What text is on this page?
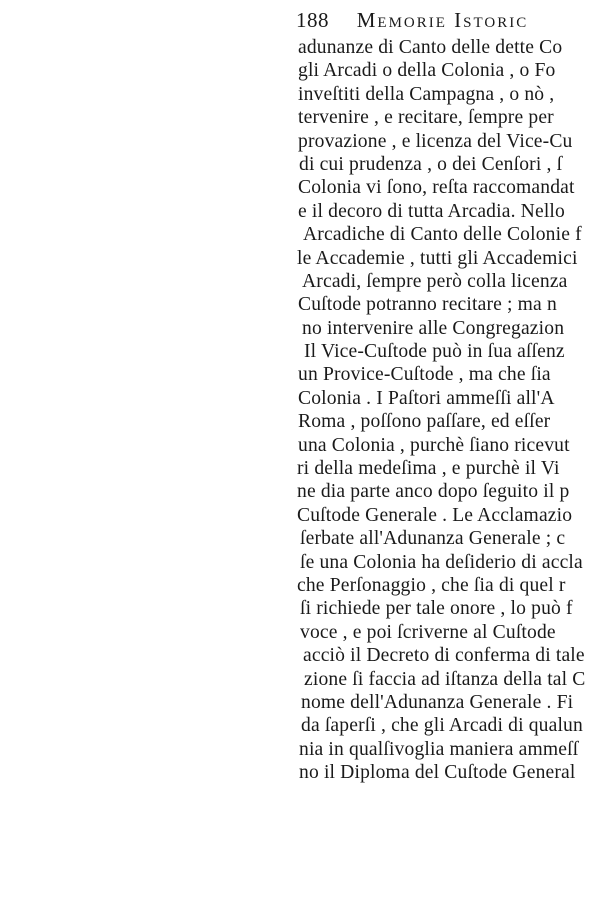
188 Memorie Istoric
adunanze di Canto delle dette Co
gli Arcadi o della Colonia , o Fo
inveſtiti della Campagna , o nò ,
tervenire , e recitare, ſempre per
provazione , e licenza del Vice-Cu
di cui prudenza , o dei Cenſori , ſ
Colonia vi ſono, reſta raccomandat
e il decoro di tutta Arcadia. Nello
Arcadiche di Canto delle Colonie f
le Accademie , tutti gli Accademici
Arcadi, ſempre però colla licenza
Cuſtode potranno recitare ; ma n
no intervenire alle Congregazion
Il Vice-Cuſtode può in ſua aſſenz
un Provice-Cuſtode , ma che ſia
Colonia . I Paſtori ammeſſi all'A
Roma , poſſono paſſare, ed eſſer
una Colonia , purchè ſiano ricevut
ri della medeſima , e purchè il Vi
ne dia parte anco dopo ſeguito il p
Cuſtode Generale . Le Acclamazio
ſerbate all'Adunanza Generale ; c
ſe una Colonia ha deſiderio di accla
che Perſonaggio , che ſia di quel r
ſi richiede per tale onore , lo può f
voce , e poi ſcriverne al Cuſtode
acciò il Decreto di conferma di tale
zione ſi faccia ad iſtanza della tal C
nome dell'Adunanza Generale . Fi
da ſaperſi , che gli Arcadi di qualun
nia in qualſivoglia maniera ammeſſ
no il Diploma del Cuſtode General
